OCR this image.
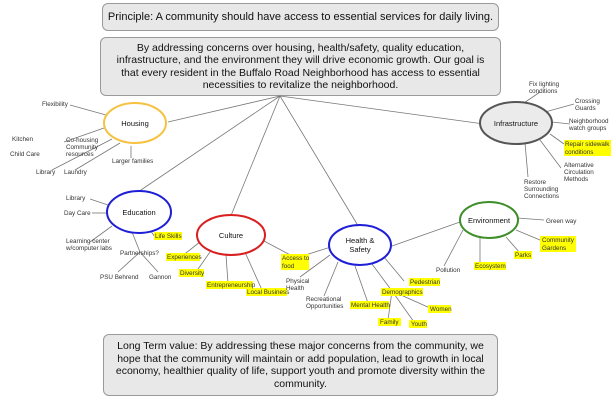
Principle: A community should have access to essential services for daily living.
By addressing concerns over housing, health/safety, quality education, infrastructure, and the environment they will drive economic growth. Our goal is that every resident in the Buffalo Road Neighborhood has access to essential necessities to revitalize the neighborhood.
Long Term value: By addressing these major concerns from the community, we hope that the community will maintain or add population, lead to growth in local economy, healthier quality of life, support youth and promote diversity within the community.
Housing
Education
Culture
Health &
Safety
Environment
Infrastructure
Flexibility
Kitchen	Co-housing
Community
resources
Child Care
Library Laundry
Larger families
Library
Day Care
Learning center
w/computer labs
Partnerships?
PSU Behrend Gannon
Life Skills
Experiences
Diversity
Entrepreneurship
Local Business
Access to
food
Physical
Health
Recreational
Opportunities Mental Health
Demographics
Family Youth
Women
Pedestrian
Pollution
Ecosystem
Parks
Community
Gardens
Green way
Fix lighting
conditions
Crossing
Guards
Neighborhood
watch groups
Repair sidewalk
conditions
Alternative
Circulation
Methods
Restore
Surrounding
Connections
